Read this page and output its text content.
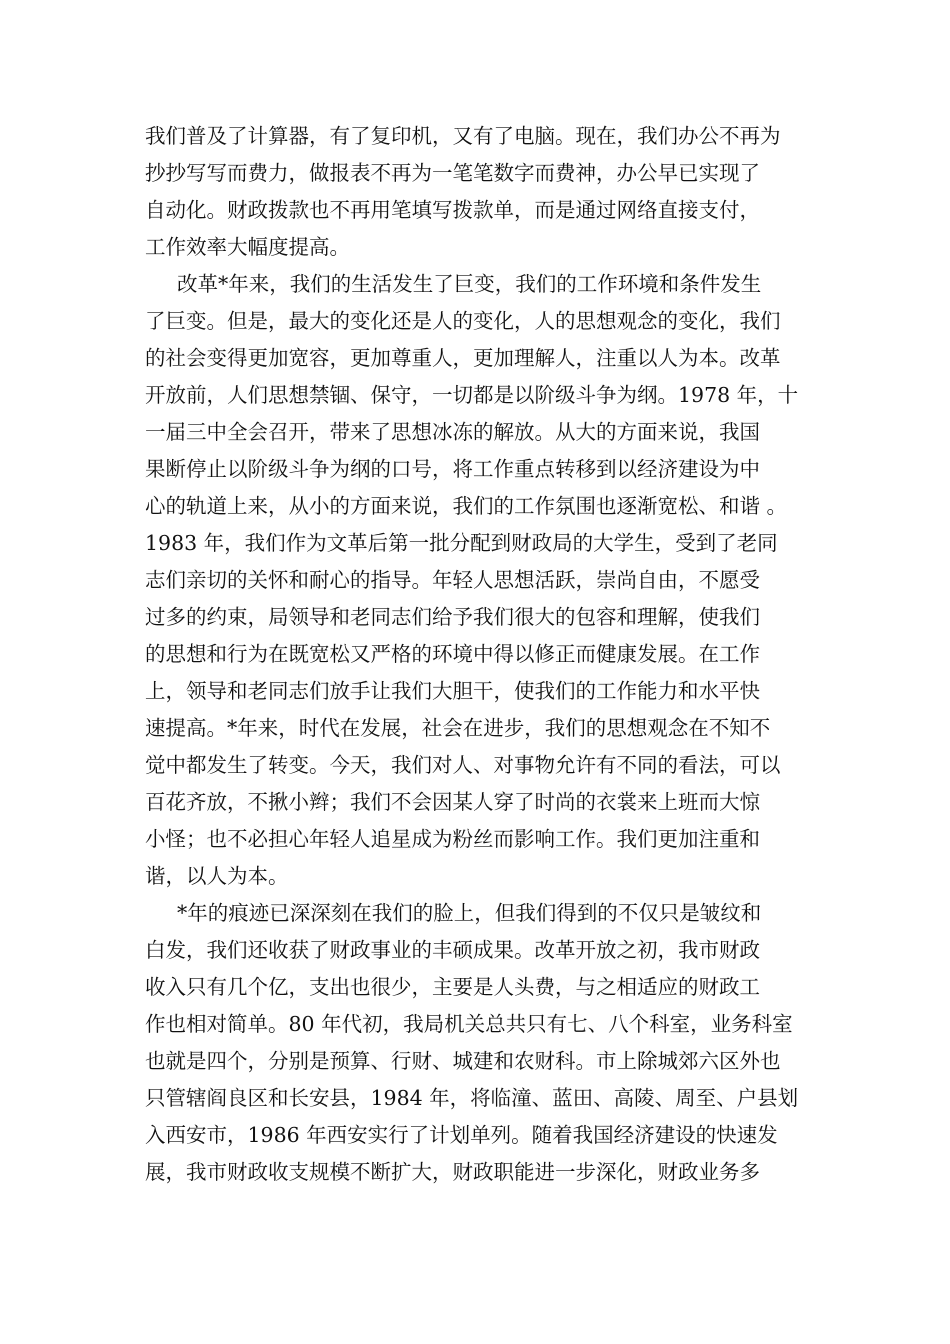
我们普及了计算器，有了复印机，又有了电脑。现在，我们办公不再为
抄抄写写而费力，做报表不再为一笔笔数字而费神，办公早已实现了
自动化。财政拨款也不再用笔填写拨款单，而是通过网络直接支付，
工作效率大幅度提高。
改革*年来，我们的生活发生了巨变，我们的工作环境和条件发生
了巨变。但是，最大的变化还是人的变化，人的思想观念的变化，我们
的社会变得更加宽容，更加尊重人，更加理解人，注重以人为本。改革
开放前，人们思想禁锢、保守，一切都是以阶级斗争为纲。1978 年，十
一届三中全会召开，带来了思想冰冻的解放。从大的方面来说，我国
果断停止以阶级斗争为纲的口号，将工作重点转移到以经济建设为中
心的轨道上来，从小的方面来说，我们的工作氛围也逐渐宽松、和谐 。
1983 年，我们作为文革后第一批分配到财政局的大学生，受到了老同
志们亲切的关怀和耐心的指导。年轻人思想活跃，崇尚自由，不愿受
过多的约束，局领导和老同志们给予我们很大的包容和理解，使我们
的思想和行为在既宽松又严格的环境中得以修正而健康发展。在工作
上，领导和老同志们放手让我们大胆干，使我们的工作能力和水平快
速提高。*年来，时代在发展，社会在进步，我们的思想观念在不知不
觉中都发生了转变。今天，我们对人、对事物允许有不同的看法，可以
百花齐放，不揪小辫；我们不会因某人穿了时尚的衣裳来上班而大惊
小怪；也不必担心年轻人追星成为粉丝而影响工作。我们更加注重和
谐，以人为本。
*年的痕迹已深深刻在我们的脸上，但我们得到的不仅只是皱纹和
白发，我们还收获了财政事业的丰硕成果。改革开放之初，我市财政
收入只有几个亿，支出也很少，主要是人头费，与之相适应的财政工
作也相对简单。80 年代初，我局机关总共只有七、八个科室，业务科室
也就是四个，分别是预算、行财、城建和农财科。市上除城郊六区外也
只管辖阎良区和长安县，1984 年，将临潼、蓝田、高陵、周至、户县划
入西安市，1986 年西安实行了计划单列。随着我国经济建设的快速发
展，我市财政收支规模不断扩大，财政职能进一步深化，财政业务多
